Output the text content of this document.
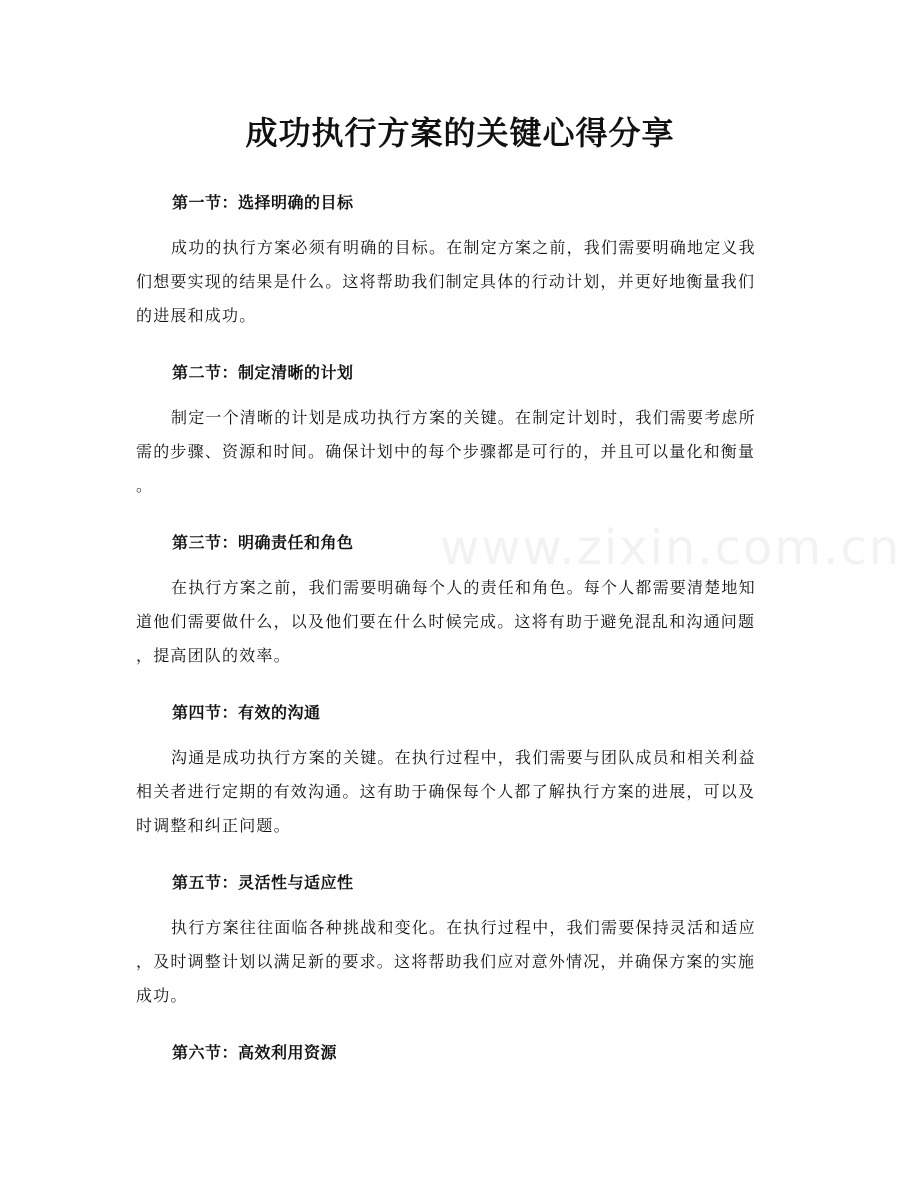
成功执行方案的关键心得分享
www.zixin.com.cn
第一节：选择明确的目标

成功的执行方案必须有明确的目标。在制定方案之前，我们需要明确地定义我
们想要实现的结果是什么。这将帮助我们制定具体的行动计划，并更好地衡量我们
的进展和成功。

第二节：制定清晰的计划

制定一个清晰的计划是成功执行方案的关键。在制定计划时，我们需要考虑所
需的步骤、资源和时间。确保计划中的每个步骤都是可行的，并且可以量化和衡量
。

第三节：明确责任和角色

在执行方案之前，我们需要明确每个人的责任和角色。每个人都需要清楚地知
道他们需要做什么，以及他们要在什么时候完成。这将有助于避免混乱和沟通问题
，提高团队的效率。

第四节：有效的沟通

沟通是成功执行方案的关键。在执行过程中，我们需要与团队成员和相关利益
相关者进行定期的有效沟通。这有助于确保每个人都了解执行方案的进展，可以及
时调整和纠正问题。

第五节：灵活性与适应性

执行方案往往面临各种挑战和变化。在执行过程中，我们需要保持灵活和适应
，及时调整计划以满足新的要求。这将帮助我们应对意外情况，并确保方案的实施
成功。

第六节：高效利用资源
